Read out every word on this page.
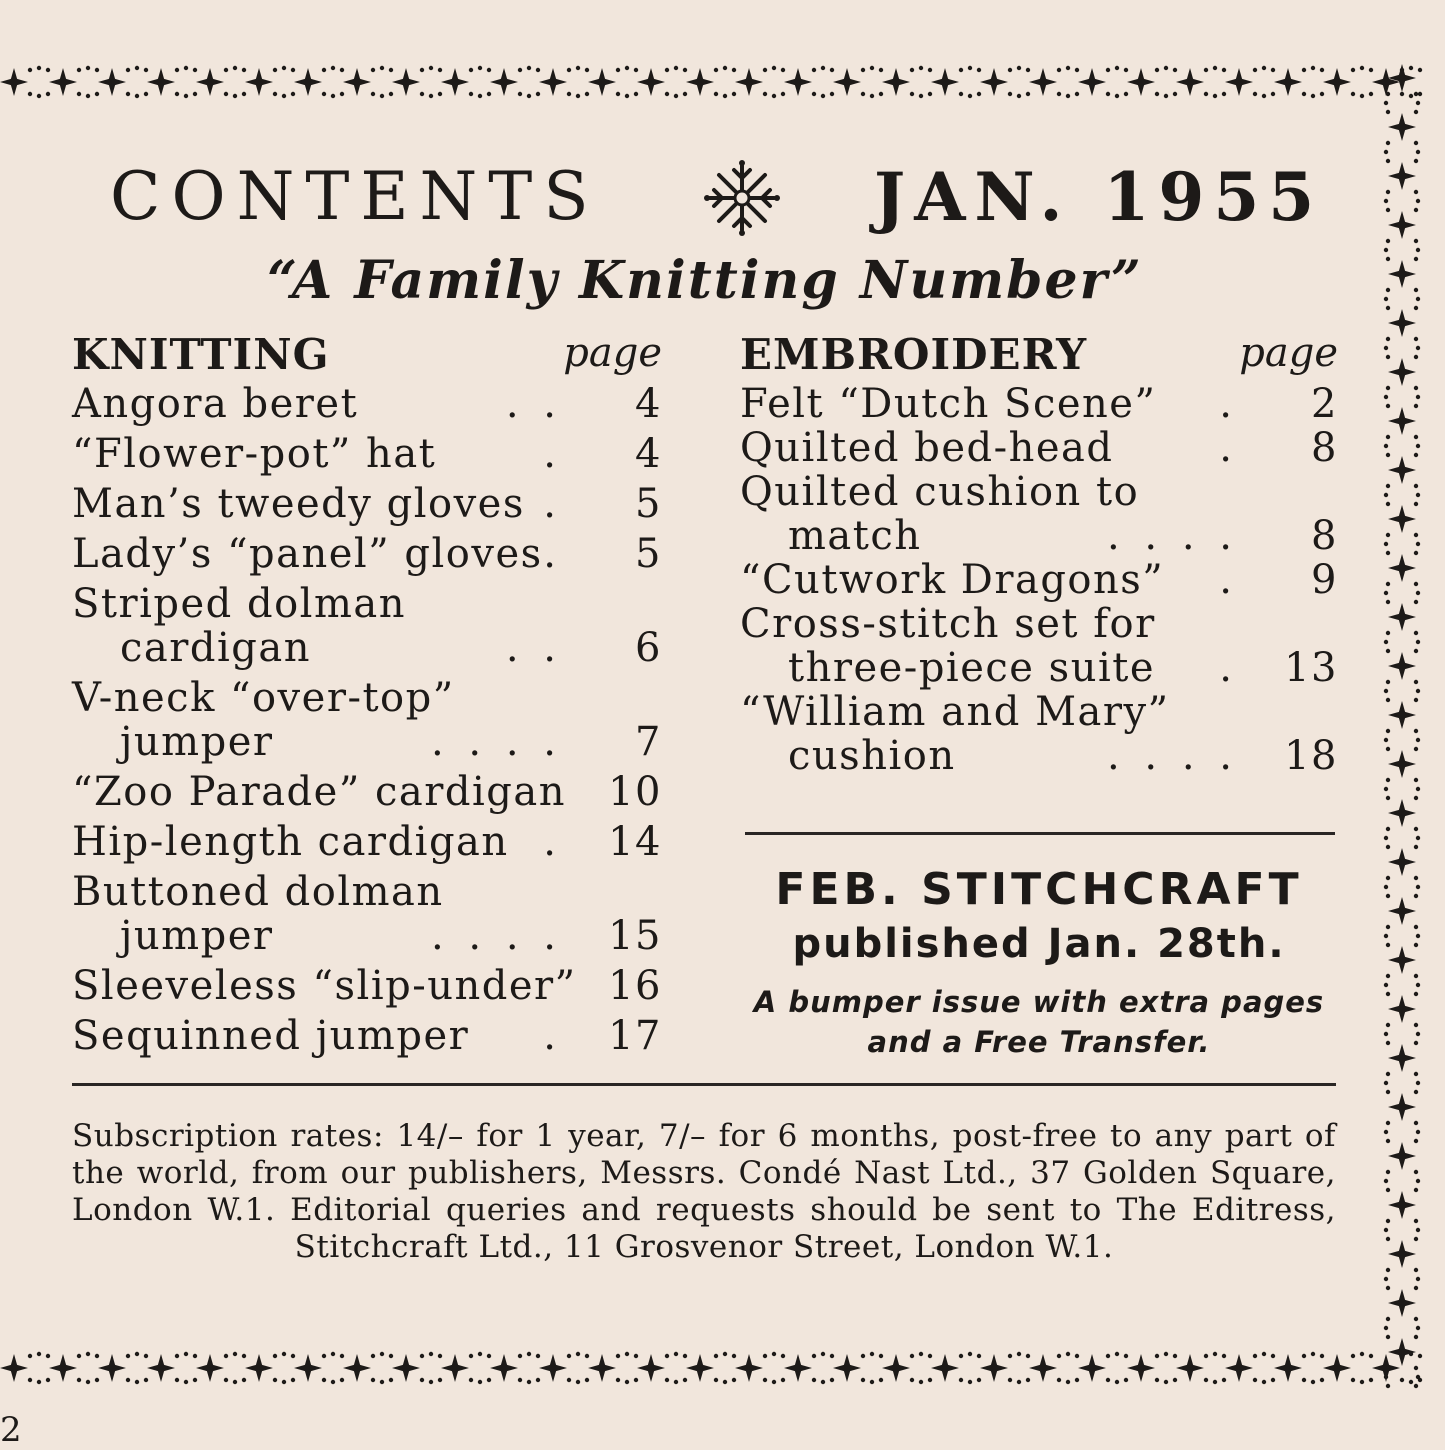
CONTENTS	JAN. 1955
“A Family Knitting Number”
KNITTING	page
Angora beret	. . 4
“Flower-pot” hat	. 4
Man’s tweedy gloves . 5
Lady’s “panel” gloves . 5
Striped dolman
cardigan	. . 6
V-neck “over-top”
jumper	. . . . 7
“Zoo Parade” cardigan	10
Hip-length cardigan . 14
Buttoned dolman
jumper	. . . . 15
Sleeveless “slip-under” 16
Sequinned jumper	. 17
EMBROIDERY	page
Felt “Dutch Scene”	. 2
Quilted bed-head	. 8
Quilted cushion to
match	. . . . 8
“Cutwork Dragons”	. 9
Cross-stitch set for
three-piece suite	. 13
“William and Mary”
cushion	. . . . 18
FEB. STITCHCRAFT
published Jan. 28th.
A bumper issue with extra pages
and a Free Transfer.
Subscription rates: 14/– for 1 year, 7/– for 6 months, post-free to any part of the world, from our publishers, Messrs. Condé Nast Ltd., 37 Golden Square, London W.1. Editorial queries and requests should be sent to The Editress, Stitchcraft Ltd., 11 Grosvenor Street, London W.1.
2
